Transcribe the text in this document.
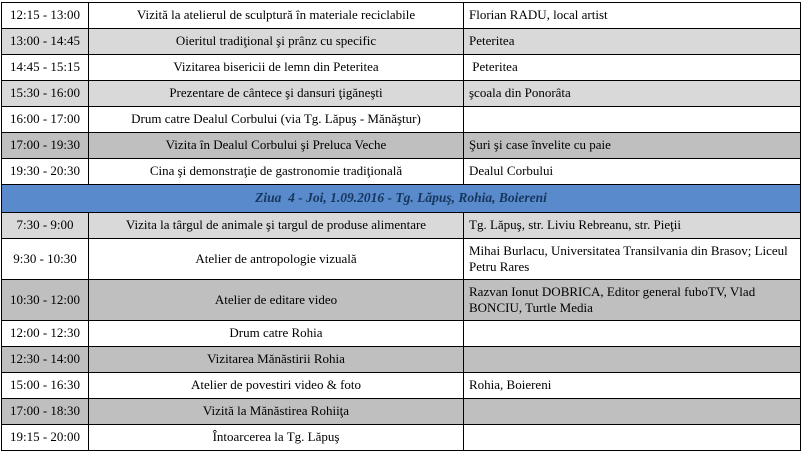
12:15 - 13:00	Vizită la atelierul de sculptură în materiale reciclabile	Florian RADU, local artist
13:00 - 14:45	Oieritul tradiţional şi prânz cu specific	Peteritea
14:45 - 15:15	Vizitarea bisericii de lemn din Peteritea	Peteritea
15:30 - 16:00	Prezentare de cântece şi dansuri ţigăneşti	şcoala din Ponorâta
16:00 - 17:00	Drum catre Dealul Corbului (via Tg. Lăpuş - Mănăştur)	
17:00 - 19:30	Vizita în Dealul Corbului şi Preluca Veche	Şuri şi case învelite cu paie
19:30 - 20:30	Cina şi demonstraţie de gastronomie tradiţională	Dealul Corbului
Ziua  4 - Joi, 1.09.2016 - Tg. Lăpuş, Rohia, Boiereni		
7:30 - 9:00	Vizita la târgul de animale şi targul de produse alimentare	Tg. Lăpuş, str. Liviu Rebreanu, str. Pieţii
9:30 - 10:30	Atelier de antropologie vizuală	Mihai Burlacu, Universitatea Transilvania din Brasov; Liceul Petru Rares
10:30 - 12:00	Atelier de editare video	Razvan Ionut DOBRICA, Editor general fuboTV, Vlad BONCIU, Turtle Media
12:00 - 12:30	Drum catre Rohia	
12:30 - 14:00	Vizitarea Mănăstirii Rohia	
15:00 - 16:30	Atelier de povestiri video & foto	Rohia, Boiereni
17:00 - 18:30	Vizită la Mănăstirea Rohiiţa	
19:15 - 20:00	Întoarcerea la Tg. Lăpuş	
